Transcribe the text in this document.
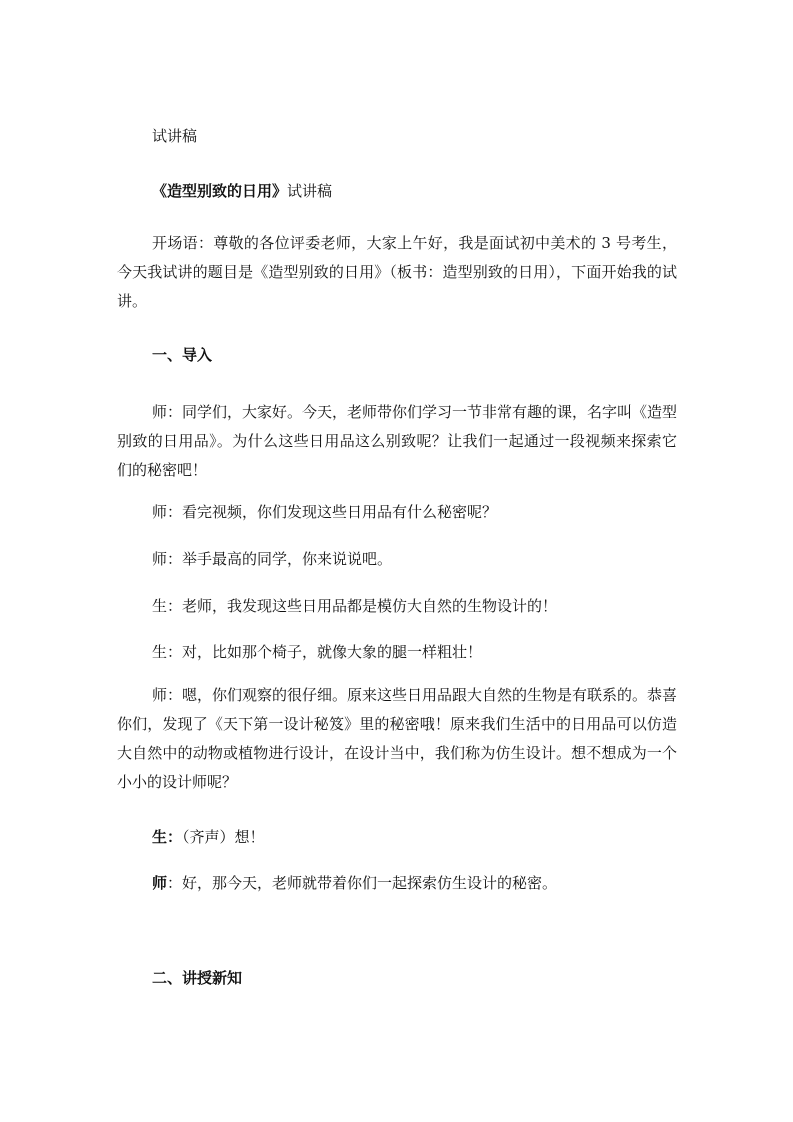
试讲稿
《造型别致的日用》试讲稿
开场语：尊敬的各位评委老师，大家上午好，我是面试初中美术的 3 号考生，今天我试讲的题目是《造型别致的日用》（板书：造型别致的日用），下面开始我的试讲。
一、导入
师：同学们，大家好。今天，老师带你们学习一节非常有趣的课，名字叫《造型别致的日用品》。为什么这些日用品这么别致呢？让我们一起通过一段视频来探索它们的秘密吧！
师：看完视频，你们发现这些日用品有什么秘密呢？
师：举手最高的同学，你来说说吧。
生：老师，我发现这些日用品都是模仿大自然的生物设计的！
生：对，比如那个椅子，就像大象的腿一样粗壮！
师：嗯，你们观察的很仔细。原来这些日用品跟大自然的生物是有联系的。恭喜你们，发现了《天下第一设计秘笈》里的秘密哦！原来我们生活中的日用品可以仿造大自然中的动物或植物进行设计，在设计当中，我们称为仿生设计。想不想成为一个小小的设计师呢？
生：（齐声）想！
师：好，那今天，老师就带着你们一起探索仿生设计的秘密。
二、讲授新知
